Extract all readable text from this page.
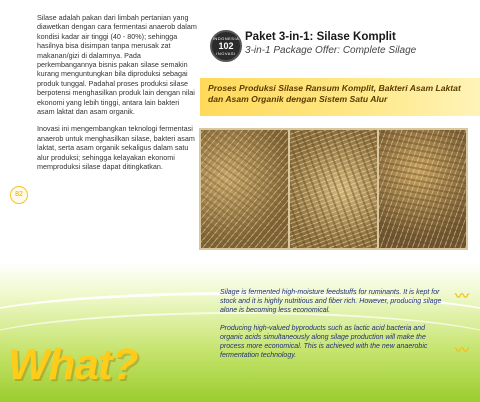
Silase adalah pakan dari limbah pertanian yang diawetkan dengan cara fermentasi anaerob dalam kondisi kadar air tinggi (40 - 80%); sehingga hasilnya bisa disimpan tanpa merusak zat makanan/gizi di dalamnya. Pada perkembangannya bisnis pakan silase semakin kurang menguntungkan bila diproduksi sebagai produk tunggal. Padahal proses produksi silase berpotensi menghasilkan produk lain dengan nilai ekonomi yang lebih tinggi, antara lain bakteri asam laktat dan asam organik.

Inovasi ini mengembangkan teknologi fermentasi anaerob untuk menghasilkan silase, bakteri asam laktat, serta asam organik sekaligus dalam satu alur produksi; sehingga kelayakan ekonomi memproduksi silase dapat ditingkatkan.

82
INDONESIA
102
INOVASI
Paket 3-in-1: Silase Komplit
3-in-1 Package Offer: Complete Silage
Proses Produksi Silase Ransum Komplit, Bakteri Asam Laktat dan Asam Organik dengan Sistem Satu Alur

Silage is fermented high-moisture feedstuffs for ruminants. It is kept for stock and it is highly nutritious and fiber rich. However, producing silage alone is becoming less economical.

Producing high-valued byproducts such as lactic acid bacteria and organic acids simultaneously along silage production will make the process more economical. This is achieved with the new anaerobic fermentation technology.

〰
〰
What?
